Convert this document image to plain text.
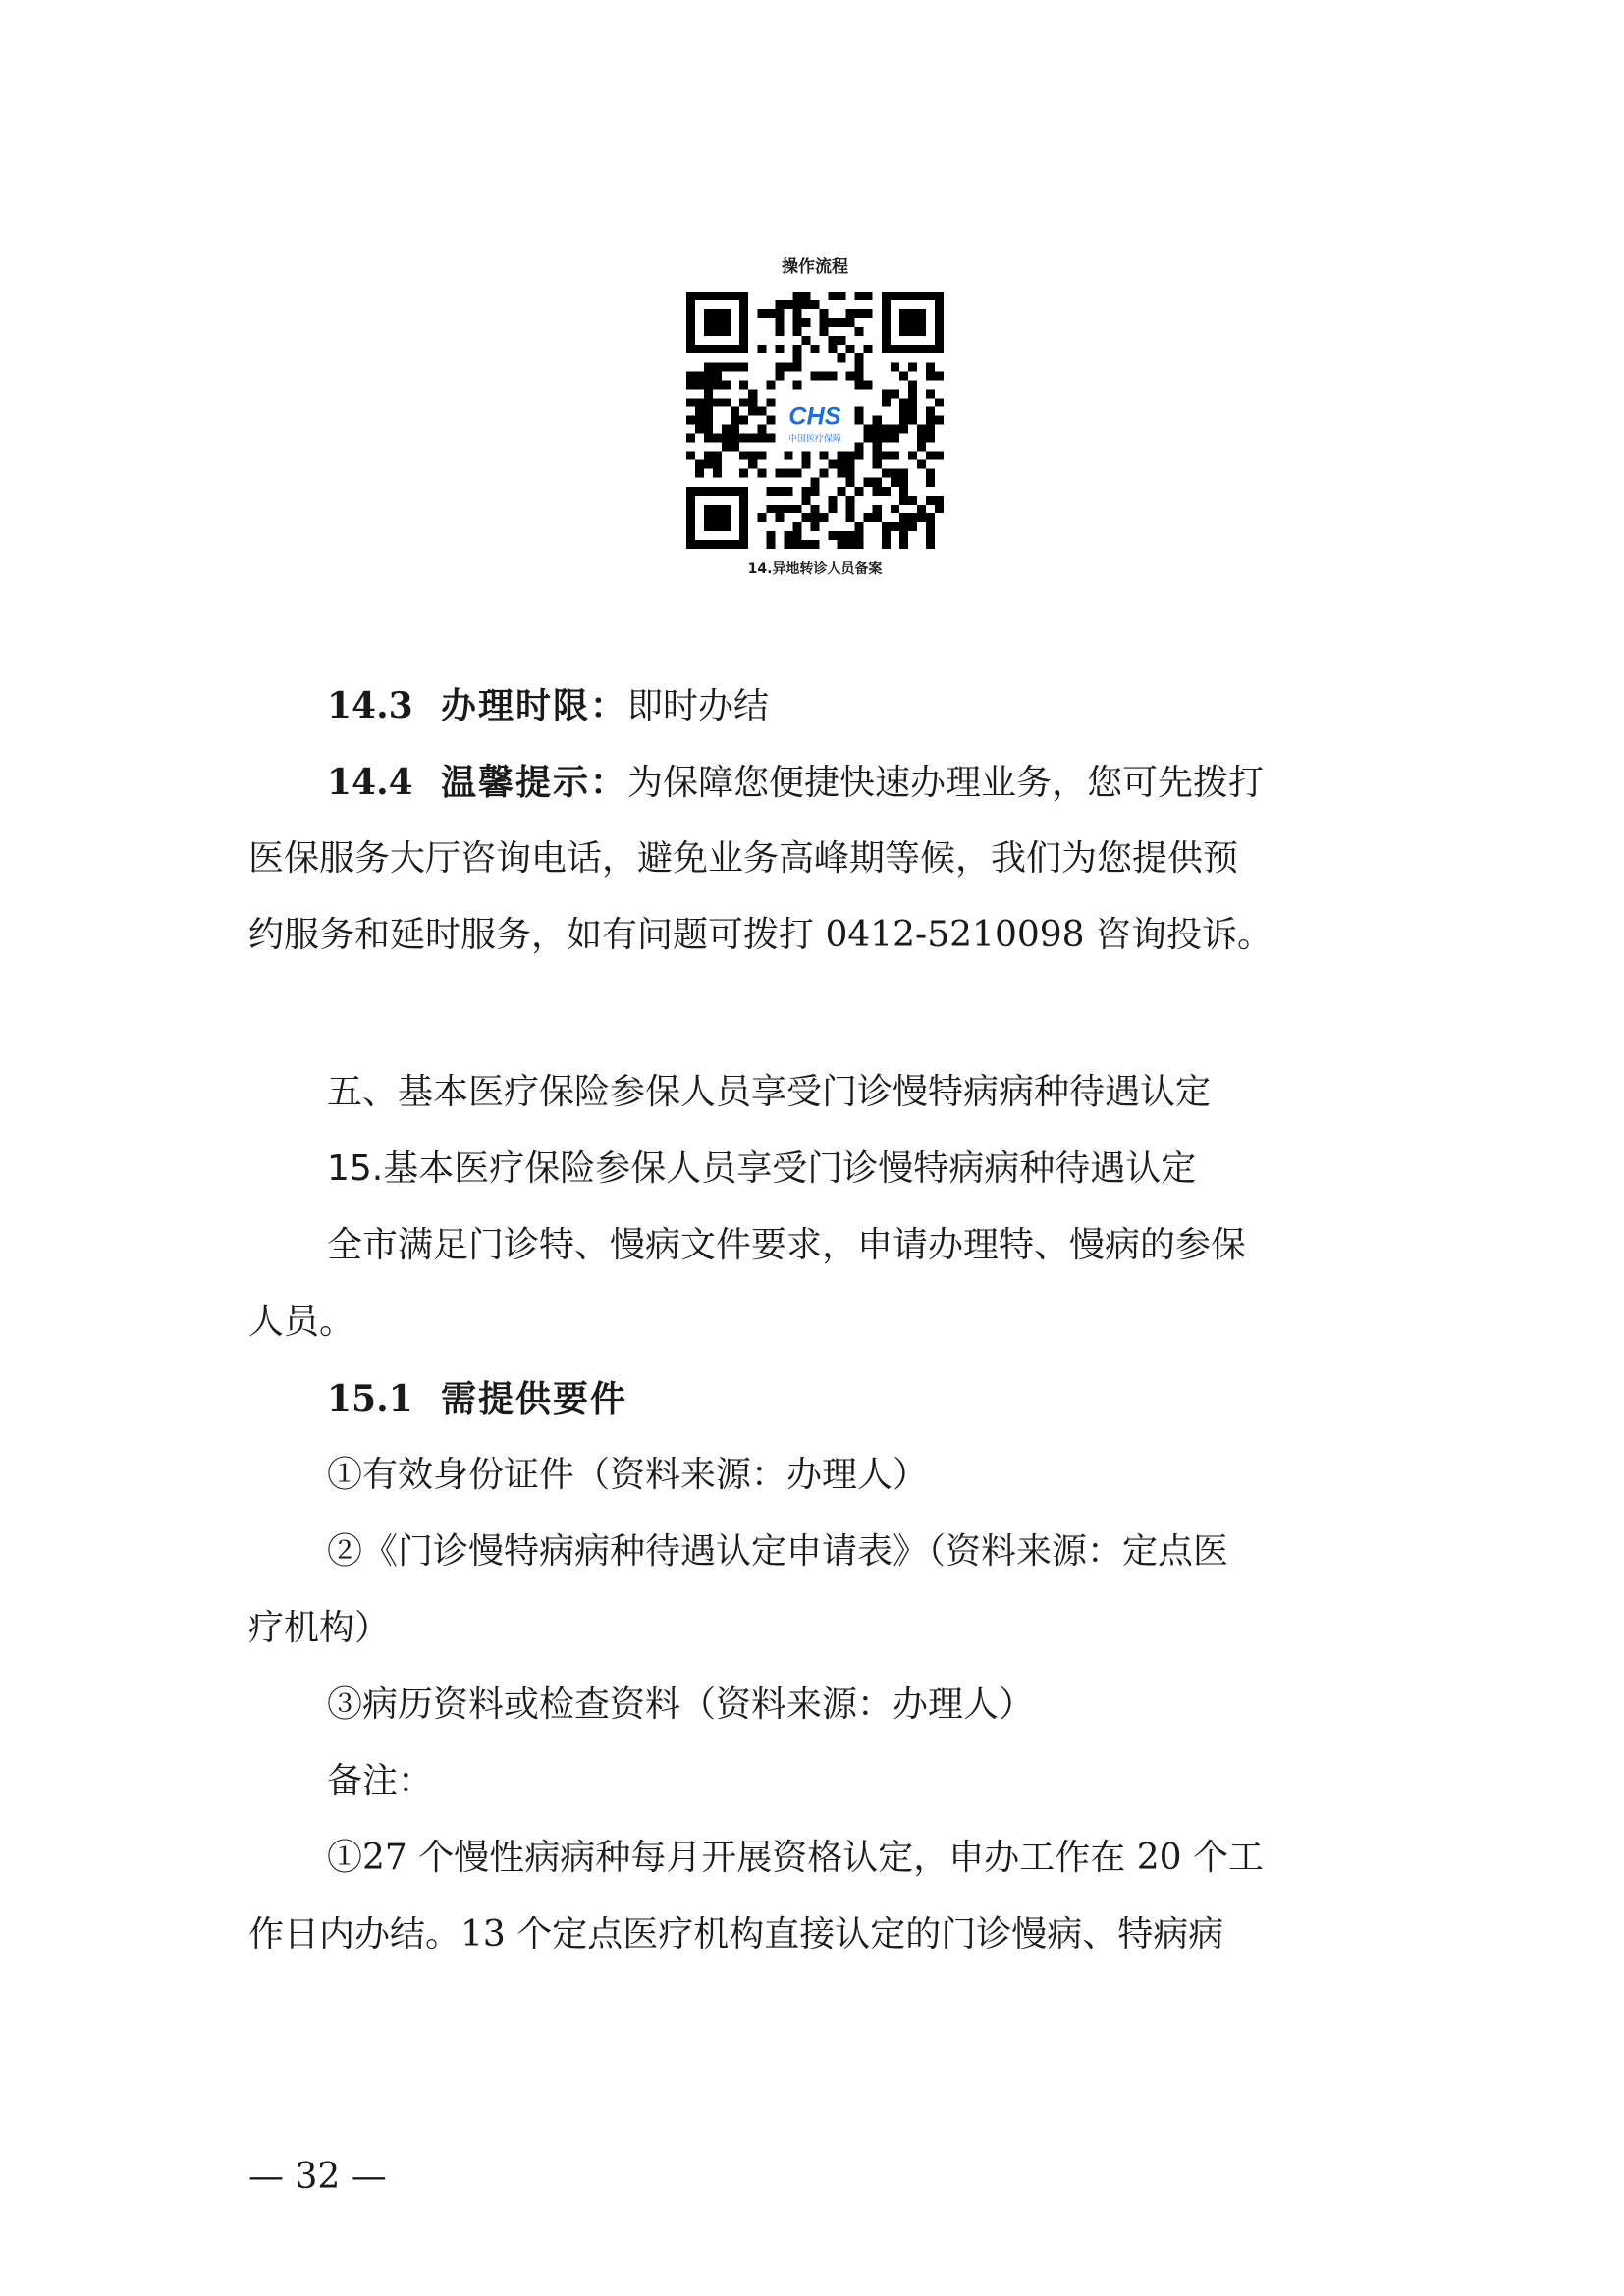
操作流程
CHS
中国医疗保障
14.异地转诊人员备案
14.3 办理时限：即时办结
14.4 温馨提示：为保障您便捷快速办理业务，您可先拨打
医保服务大厅咨询电话，避免业务高峰期等候，我们为您提供预
约服务和延时服务，如有问题可拨打 0412-5210098 咨询投诉。
五、基本医疗保险参保人员享受门诊慢特病病种待遇认定
15.基本医疗保险参保人员享受门诊慢特病病种待遇认定
全市满足门诊特、慢病文件要求，申请办理特、慢病的参保
人员。
15.1 需提供要件
①有效身份证件（资料来源：办理人）
②《门诊慢特病病种待遇认定申请表》（资料来源：定点医
疗机构）
③病历资料或检查资料（资料来源：办理人）
备注：
①27 个慢性病病种每月开展资格认定，申办工作在 20 个工
作日内办结。13 个定点医疗机构直接认定的门诊慢病、特病病
— 32 —
